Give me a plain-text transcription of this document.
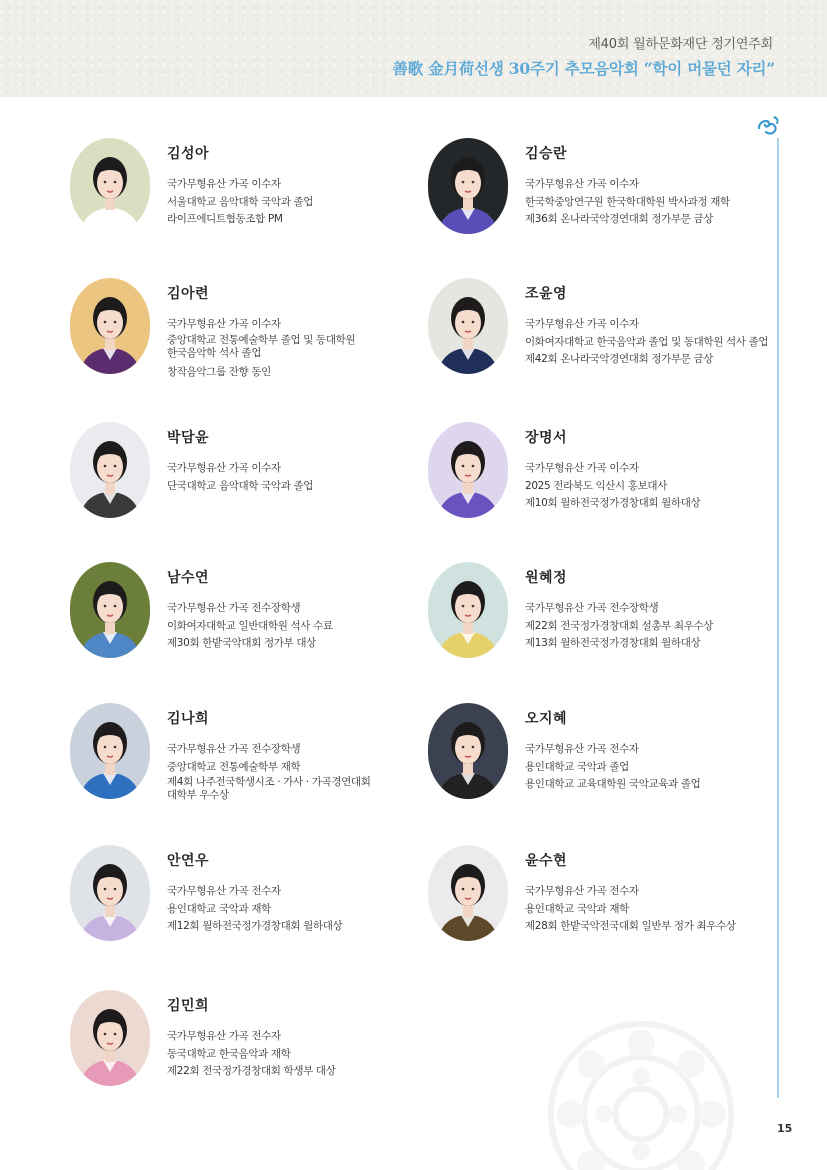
제40회 월하문화재단 정기연주회
善歌 金月荷선생 30주기 추모음악회 “학이 머물던 자리”
김성아
국가무형유산 가곡 이수자
서울대학교 음악대학 국악과 졸업
라이프에디트협동조합 PM
김승란
국가무형유산 가곡 이수자
한국학중앙연구원 한국학대학원 박사과정 재학
제36회 온나라국악경연대회 정가부문 금상
김아련
국가무형유산 가곡 이수자
중앙대학교 전통예술학부 졸업 및 동대학원 한국음악학 석사 졸업
창작음악그룹 잔향 동인
조윤영
국가무형유산 가곡 이수자
이화여자대학교 한국음악과 졸업 및 동대학원 석사 졸업
제42회 온나라국악경연대회 정가부문 금상
박담윤
국가무형유산 가곡 이수자
단국대학교 음악대학 국악과 졸업
장명서
국가무형유산 가곡 이수자
2025 전라북도 익산시 홍보대사
제10회 월하전국정가경창대회 월하대상
남수연
국가무형유산 가곡 전수장학생
이화여자대학교 일반대학원 석사 수료
제30회 한밭국악대회 정가부 대상
원혜정
국가무형유산 가곡 전수장학생
제22회 전국정가경창대회 설총부 최우수상
제13회 월하전국정가경창대회 월하대상
김나희
국가무형유산 가곡 전수장학생
중앙대학교 전통예술학부 재학
제4회 나주전국학생시조 · 가사 · 가곡경연대회 대학부 우수상
오지혜
국가무형유산 가곡 전수자
용인대학교 국악과 졸업
용인대학교 교육대학원 국악교육과 졸업
안연우
국가무형유산 가곡 전수자
용인대학교 국악과 재학
제12회 월하전국정가경창대회 월하대상
윤수현
국가무형유산 가곡 전수자
용인대학교 국악과 재학
제28회 한밭국악전국대회 일반부 정가 최우수상
김민희
국가무형유산 가곡 전수자
동국대학교 한국음악과 재학
제22회 전국정가경창대회 학생부 대상
15
